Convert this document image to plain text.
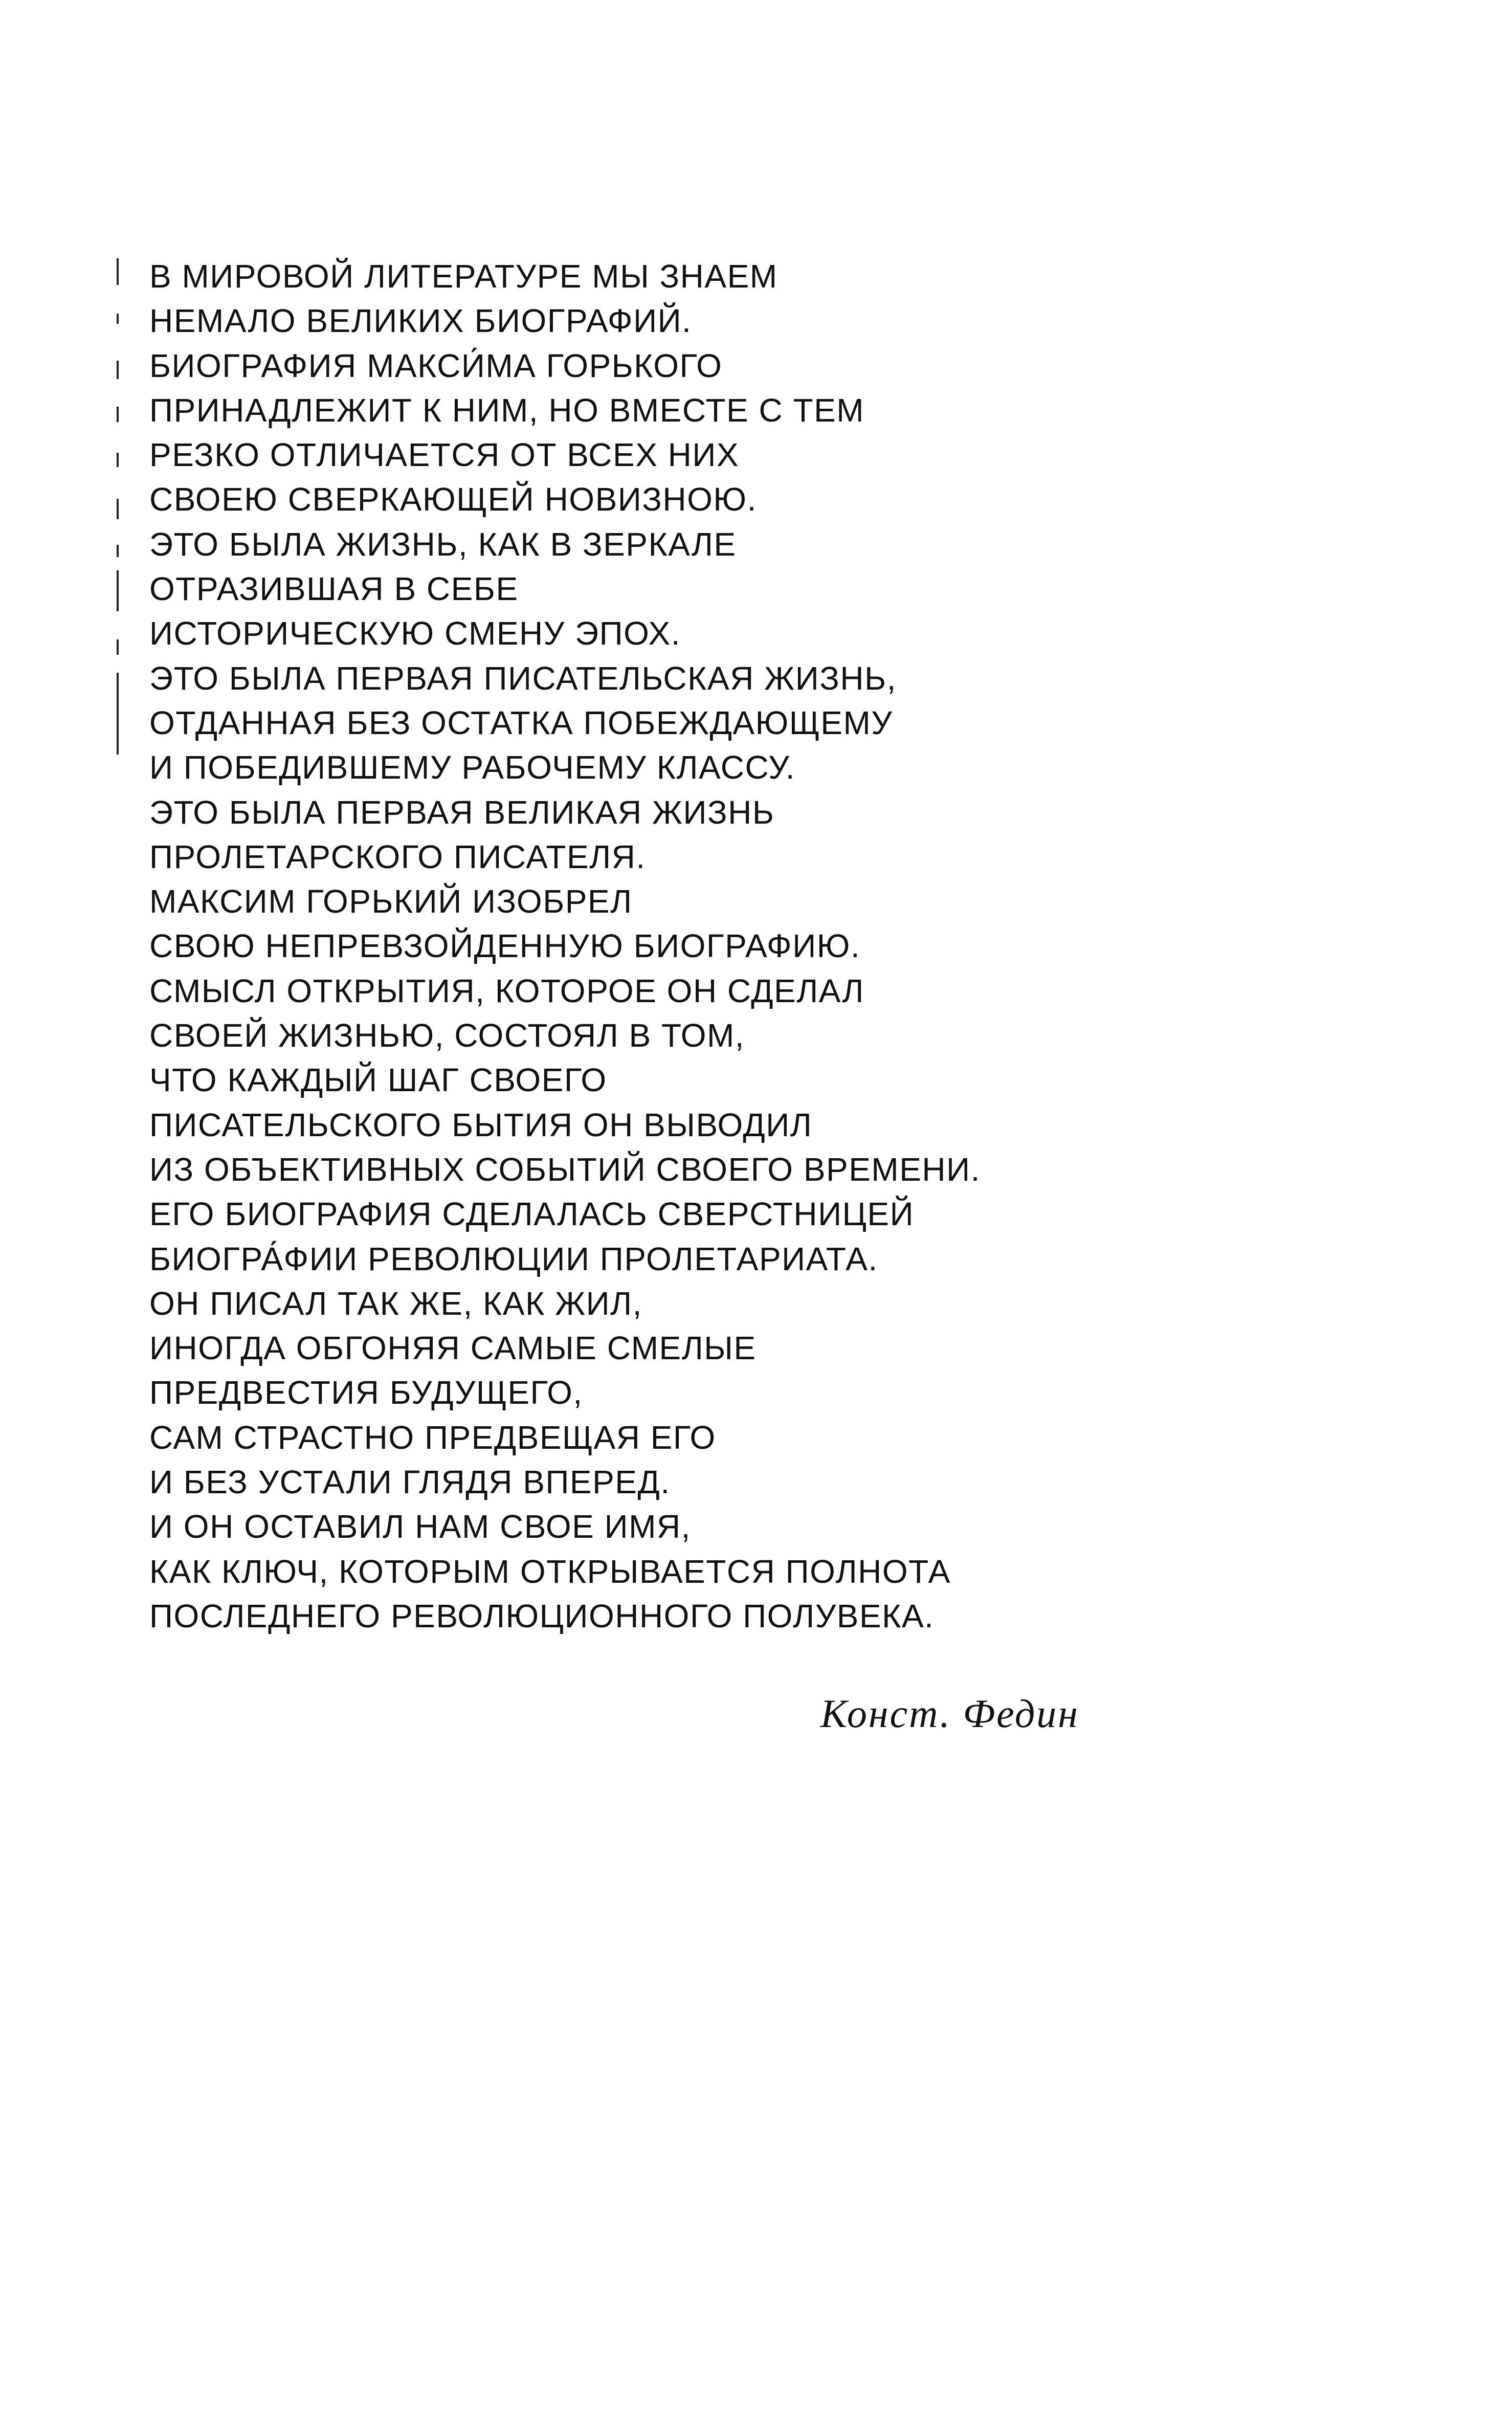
В МИРОВОЙ ЛИТЕРАТУРЕ МЫ ЗНАЕМ
НЕМАЛО ВЕЛИКИХ БИОГРАФИЙ.
БИОГРАФИЯ МАКСИ́МА ГОРЬКОГО
ПРИНАДЛЕЖИТ К НИМ, НО ВМЕСТЕ С ТЕМ
РЕЗКО ОТЛИЧАЕТСЯ ОТ ВСЕХ НИХ
СВОЕЮ СВЕРКАЮЩЕЙ НОВИЗНОЮ.
ЭТО БЫЛА ЖИЗНЬ, КАК В ЗЕРКАЛЕ
ОТРАЗИВШАЯ В СЕБЕ
ИСТОРИЧЕСКУЮ СМЕНУ ЭПОХ.
ЭТО БЫЛА ПЕРВАЯ ПИСАТЕЛЬСКАЯ ЖИЗНЬ,
ОТДАННАЯ БЕЗ ОСТАТКА ПОБЕЖДАЮЩЕМУ
И ПОБЕДИВШЕМУ РАБОЧЕМУ КЛАССУ.
ЭТО БЫЛА ПЕРВАЯ ВЕЛИКАЯ ЖИЗНЬ
ПРОЛЕТАРСКОГО ПИСАТЕЛЯ.
МАКСИМ ГОРЬКИЙ ИЗОБРЕЛ
СВОЮ НЕПРЕВЗОЙДЕННУЮ БИОГРАФИЮ.
СМЫСЛ ОТКРЫТИЯ, КОТОРОЕ ОН СДЕЛАЛ
СВОЕЙ ЖИЗНЬЮ, СОСТОЯЛ В ТОМ,
ЧТО КАЖДЫЙ ШАГ СВОЕГО
ПИСАТЕЛЬСКОГО БЫТИЯ ОН ВЫВОДИЛ
ИЗ ОБЪЕКТИВНЫХ СОБЫТИЙ СВОЕГО ВРЕМЕНИ.
ЕГО БИОГРАФИЯ СДЕЛАЛАСЬ СВЕРСТНИЦЕЙ
БИОГРА́ФИИ РЕВОЛЮЦИИ ПРОЛЕТАРИАТА.
ОН ПИСАЛ ТАК ЖЕ, КАК ЖИЛ,
ИНОГДА ОБГОНЯЯ САМЫЕ СМЕЛЫЕ
ПРЕДВЕСТИЯ БУДУЩЕГО,
САМ СТРАСТНО ПРЕДВЕЩАЯ ЕГО
И БЕЗ УСТАЛИ ГЛЯДЯ ВПЕРЕД.
И ОН ОСТАВИЛ НАМ СВОЕ ИМЯ,
КАК КЛЮЧ, КОТОРЫМ ОТКРЫВАЕТСЯ ПОЛНОТА
ПОСЛЕДНЕГО РЕВОЛЮЦИОННОГО ПОЛУВЕКА.
Конст. Федин
